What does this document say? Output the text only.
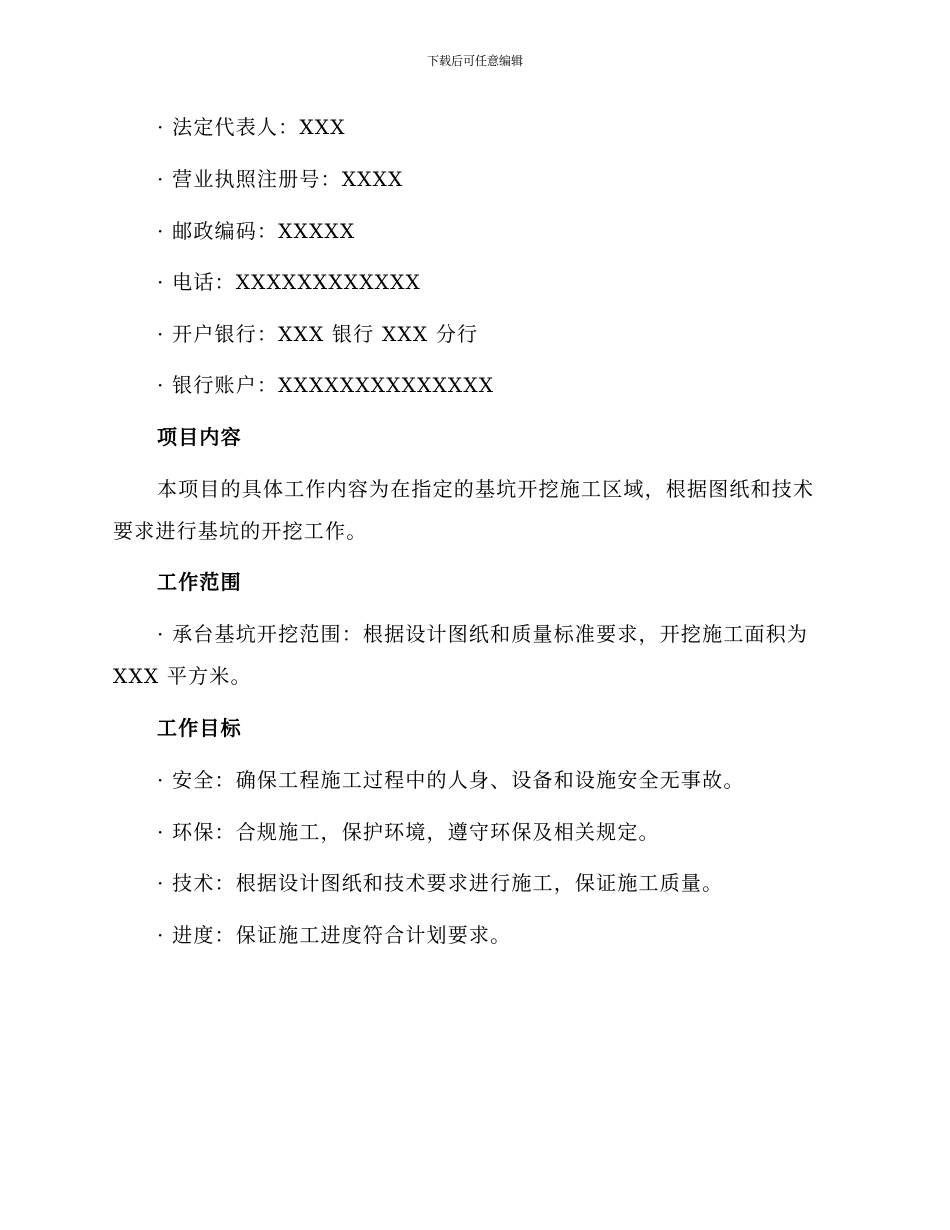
下载后可任意编辑
· 法定代表人：XXX
· 营业执照注册号：XXXX
· 邮政编码：XXXXX
· 电话：XXXXXXXXXXXX
· 开户银行：XXX 银行 XXX 分行
· 银行账户：XXXXXXXXXXXXXX
项目内容
本项目的具体工作内容为在指定的基坑开挖施工区域，根据图纸和技术
要求进行基坑的开挖工作。
工作范围
· 承台基坑开挖范围：根据设计图纸和质量标准要求，开挖施工面积为
XXX 平方米。
工作目标
· 安全：确保工程施工过程中的人身、设备和设施安全无事故。
· 环保：合规施工，保护环境，遵守环保及相关规定。
· 技术：根据设计图纸和技术要求进行施工，保证施工质量。
· 进度：保证施工进度符合计划要求。
